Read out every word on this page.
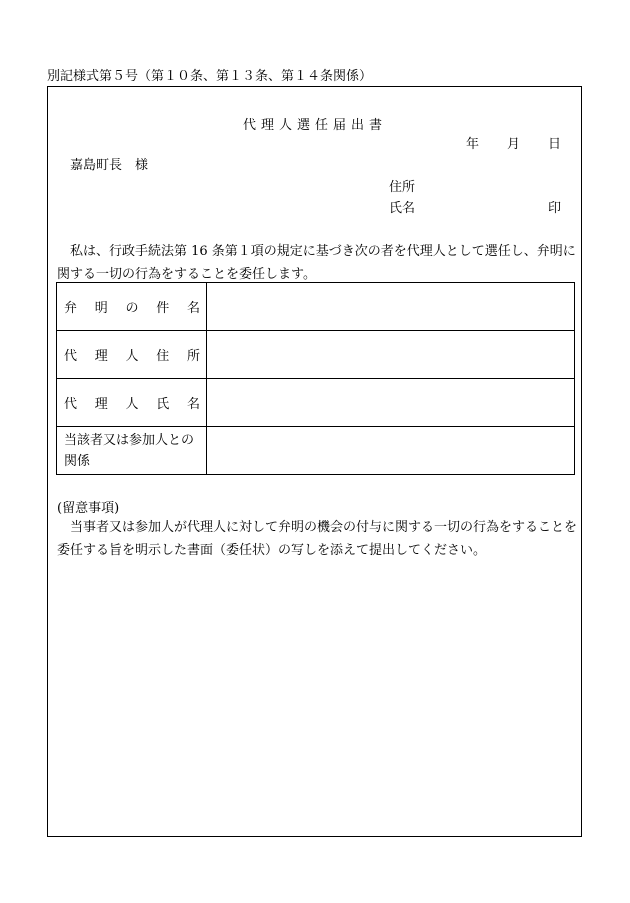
別記様式第５号（第１０条、第１３条、第１４条関係）
代理人選任届出書
年 月 日
嘉島町長　様
住所
氏名	印
私は、行政手続法第 16 条第１項の規定に基づき次の者を代理人として選任し、弁明に関する一切の行為をすることを委任します。
弁明の件名	
代理人住所	
代理人氏名	
当該者又は参加人との関係	
(留意事項)
当事者又は参加人が代理人に対して弁明の機会の付与に関する一切の行為をすることを委任する旨を明示した書面（委任状）の写しを添えて提出してください。
